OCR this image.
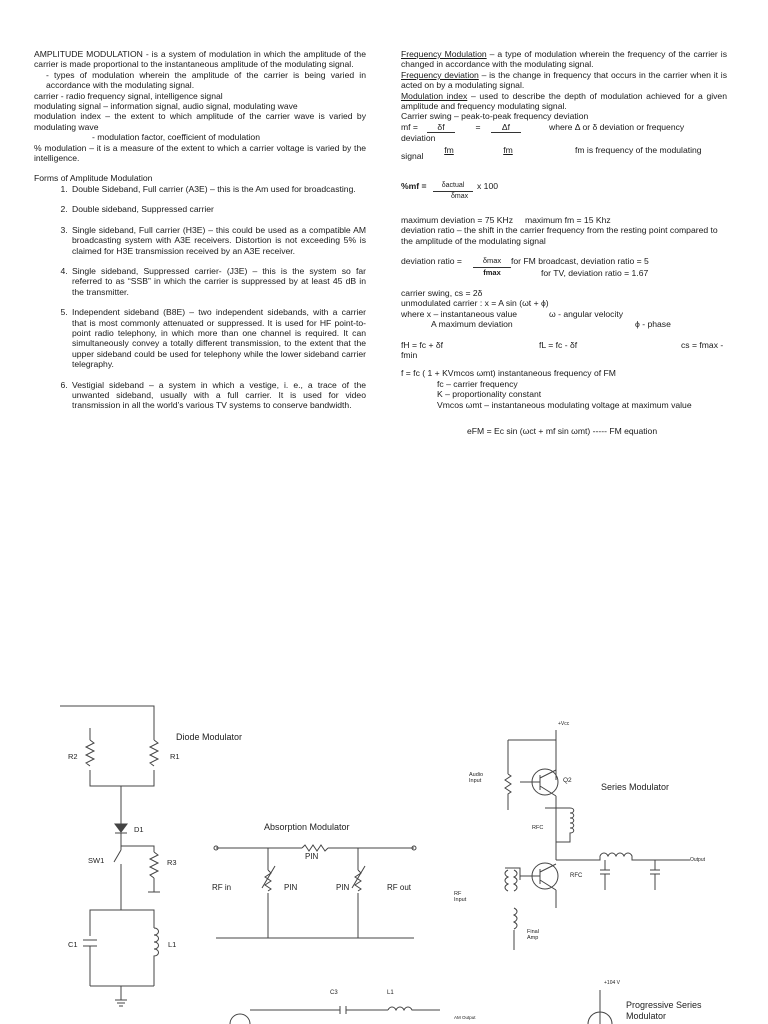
AMPLITUDE MODULATION - is a system of modulation in which the amplitude of the carrier is made proportional to the instantaneous amplitude of the modulating signal.
- types of modulation wherein the amplitude of the carrier is being varied in accordance with the modulating signal.
carrier - radio frequency signal, intelligence signal
modulating signal – information signal, audio signal, modulating wave
modulation index – the extent to which amplitude of the carrier wave is varied by modulating wave
- modulation factor, coefficient of modulation
% modulation – it is a measure of the extent to which a carrier voltage is varied by the intelligence.
Forms of Amplitude Modulation
1. Double Sideband, Full carrier (A3E) – this is the Am used for broadcasting.
2. Double sideband, Suppressed carrier
3. Single sideband, Full carrier (H3E) – this could be used as a compatible AM broadcasting system with A3E receivers. Distortion is not exceeding 5% is claimed for H3E transmission received by an A3E receiver.
4. Single sideband, Suppressed carrier- (J3E) – this is the system so far referred to as “SSB” in which the carrier is suppressed by at least 45 dB in the transmitter.
5. Independent sideband (B8E) – two independent sidebands, with a carrier that is most commonly attenuated or suppressed. It is used for HF point-to-point radio telephony, in which more than one channel is required. It can simultaneously convey a totally different transmission, to the extent that the upper sideband could be used for telephony while the lower sideband carrier telegraphy.
6. Vestigial sideband – a system in which a vestige, i. e., a trace of the unwanted sideband, usually with a full carrier. It is used for video transmission in all the world’s various TV systems to conserve bandwidth.
Frequency Modulation – a type of modulation wherein the frequency of the carrier is changed in accordance with the modulating signal.
Frequency deviation – is the change in frequency that occurs in the carrier when it is acted on by a modulating signal.
Modulation index – used to describe the depth of modulation achieved for a given amplitude and frequency modulating signal.
Carrier swing – peak-to-peak frequency deviation
mf =	δf	=	Δf	where Δ or δ deviation or frequency
deviation
signal
fm	fm	fm is frequency of the modulating
%mf =	δactual	x 100
δmax
maximum deviation = 75 KHz     maximum fm = 15 Khz
deviation ratio – the shift in the carrier frequency from the resting point compared to the amplitude of the modulating signal
deviation ratio =	δmax	for FM broadcast, deviation ratio = 5
fmax	for TV, deviation ratio = 1.67
carrier swing, cs = 2δ
unmodulated carrier : x = A sin (ωt + ϕ)
where x – instantaneous value	ω - angular velocity
A maximum deviation	ϕ - phase
fH = fc + δf	fL = fc - δf	cs = fmax -
fmin
f = fc ( 1 + KVmcos ωmt) instantaneous frequency of FM
fc – carrier frequency
K – proportionality constant
Vmcos ωmt – instantaneous modulating voltage at maximum value
eFM = Ec sin (ωct + mf sin ωmt) ----- FM equation
Diode Modulator
R2	R1
D1
SW1	R3
C1	L1
Absorption Modulator
PIN
RF in	PIN	PIN	RF out
Series Modulator
+Vcc
Audio Input	Q2
RFC
RFC
Output
RF Input
Final Amp
C3	L1
AM Output
+104 V
Progressive Series Modulator
